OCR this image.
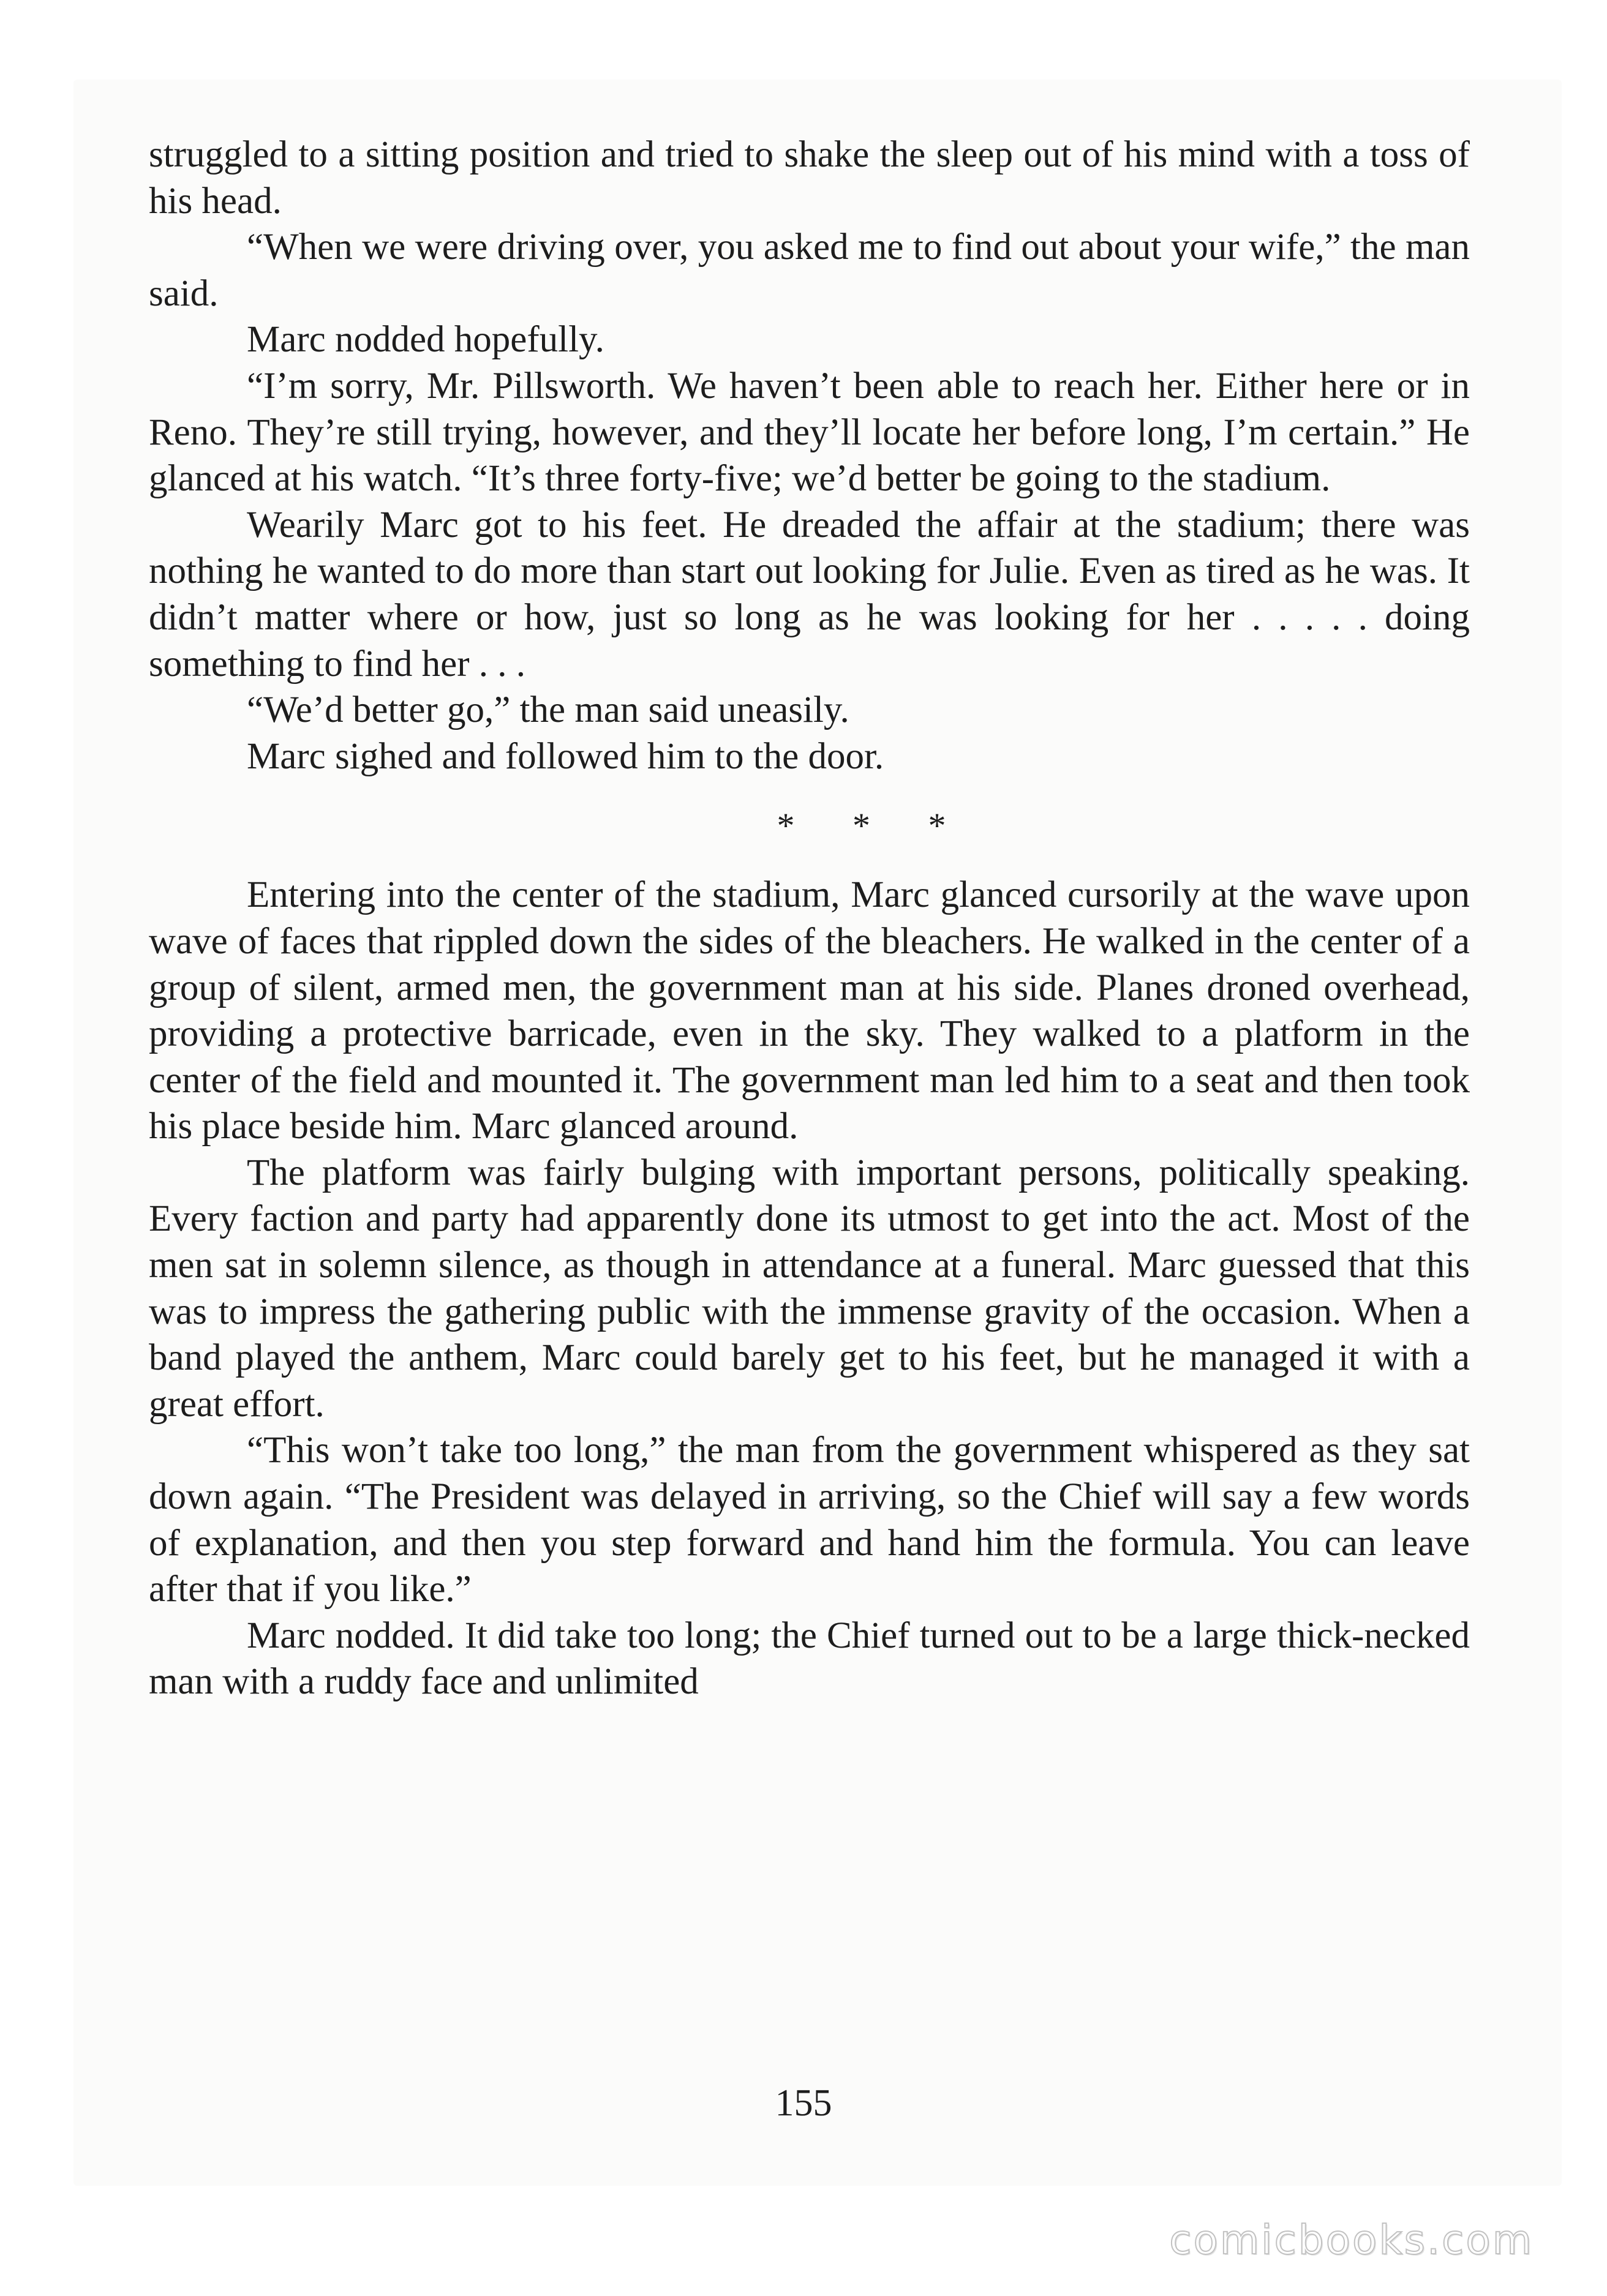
struggled to a sitting position and tried to shake the sleep out of his mind with a toss of his head.

“When we were driving over, you asked me to find out about your wife,” the man said.

Marc nodded hopefully.

“I’m sorry, Mr. Pillsworth. We haven’t been able to reach her. Either here or in Reno. They’re still trying, however, and they’ll locate her before long, I’m certain.” He glanced at his watch. “It’s three forty-five; we’d better be going to the stadium.

Wearily Marc got to his feet. He dreaded the affair at the stadium; there was nothing he wanted to do more than start out looking for Julie. Even as tired as he was. It didn’t matter where or how, just so long as he was looking for her . . . . . doing something to find her . . .

“We’d better go,” the man said uneasily.

Marc sighed and followed him to the door.

* * *

Entering into the center of the stadium, Marc glanced cursorily at the wave upon wave of faces that rippled down the sides of the bleachers. He walked in the center of a group of silent, armed men, the government man at his side. Planes droned overhead, providing a protective barricade, even in the sky. They walked to a platform in the center of the field and mounted it. The government man led him to a seat and then took his place beside him. Marc glanced around.

The platform was fairly bulging with important persons, politically speaking. Every faction and party had apparently done its utmost to get into the act. Most of the men sat in solemn silence, as though in attendance at a funeral. Marc guessed that this was to impress the gathering public with the immense gravity of the occasion. When a band played the anthem, Marc could barely get to his feet, but he managed it with a great effort.

“This won’t take too long,” the man from the government whispered as they sat down again. “The President was delayed in arriving, so the Chief will say a few words of explanation, and then you step forward and hand him the formula. You can leave after that if you like.”

Marc nodded. It did take too long; the Chief turned out to be a large thick-necked man with a ruddy face and unlimited

155
comicbooks.com
